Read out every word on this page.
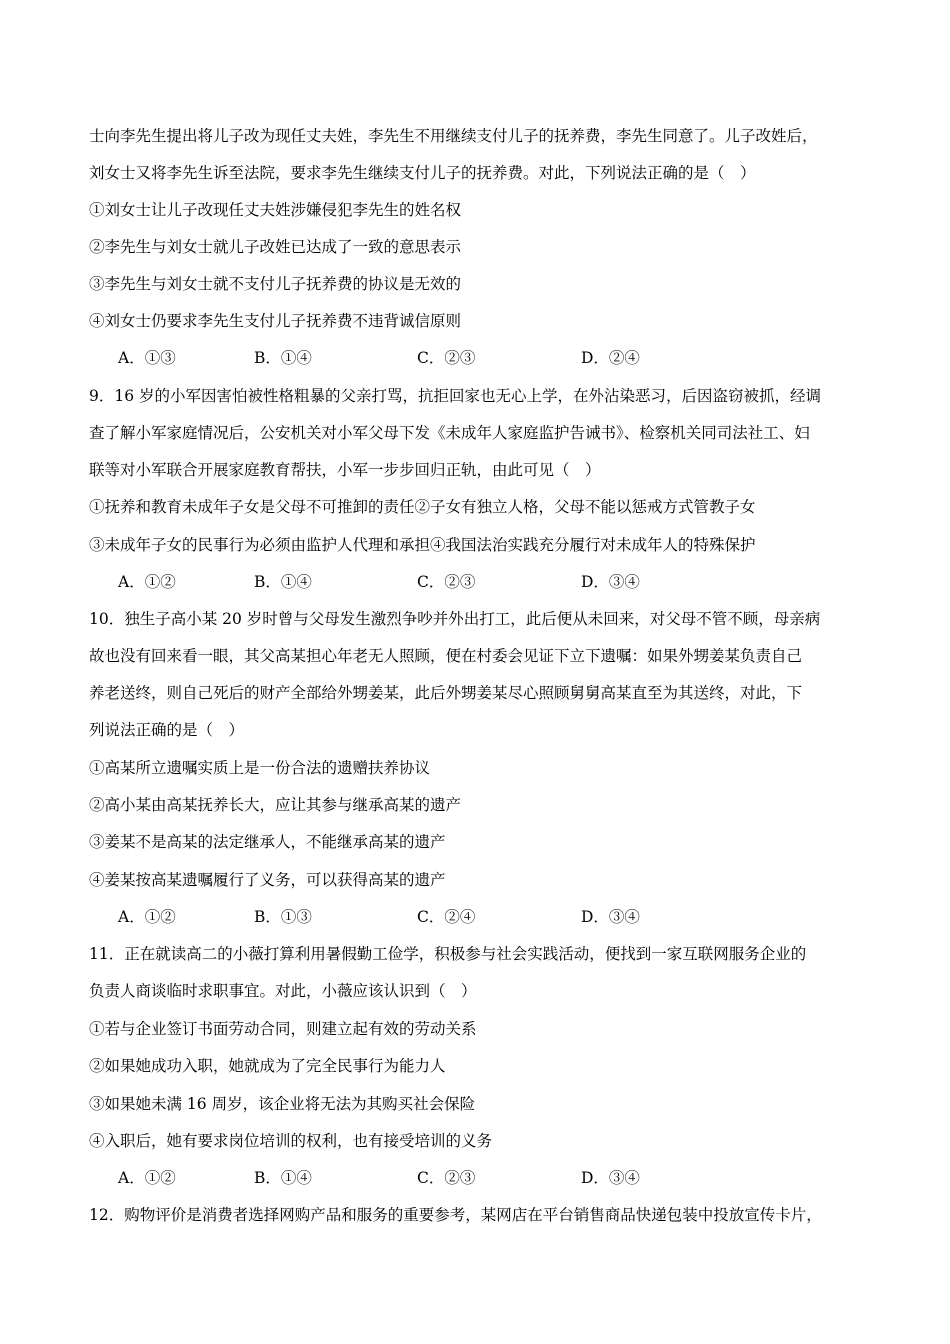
士向李先生提出将儿子改为现任丈夫姓，李先生不用继续支付儿子的抚养费，李先生同意了。儿子改姓后，
刘女士又将李先生诉至法院，要求李先生继续支付儿子的抚养费。对此，下列说法正确的是（　）
①刘女士让儿子改现任丈夫姓涉嫌侵犯李先生的姓名权
②李先生与刘女士就儿子改姓已达成了一致的意思表示
③李先生与刘女士就不支付儿子抚养费的协议是无效的
④刘女士仍要求李先生支付儿子抚养费不违背诚信原则
A．①③	B．①④	C．②③	D．②④
9．16 岁的小军因害怕被性格粗暴的父亲打骂，抗拒回家也无心上学，在外沾染恶习，后因盗窃被抓，经调
查了解小军家庭情况后，公安机关对小军父母下发《未成年人家庭监护告诫书》、检察机关同司法社工、妇
联等对小军联合开展家庭教育帮扶，小军一步步回归正轨，由此可见（　）
①抚养和教育未成年子女是父母不可推卸的责任②子女有独立人格，父母不能以惩戒方式管教子女
③未成年子女的民事行为必须由监护人代理和承担④我国法治实践充分履行对未成年人的特殊保护
A．①②	B．①④	C．②③	D．③④
10．独生子高小某 20 岁时曾与父母发生激烈争吵并外出打工，此后便从未回来，对父母不管不顾，母亲病
故也没有回来看一眼，其父高某担心年老无人照顾，便在村委会见证下立下遗嘱：如果外甥姜某负责自己
养老送终，则自己死后的财产全部给外甥姜某，此后外甥姜某尽心照顾舅舅高某直至为其送终，对此，下
列说法正确的是（　）
①高某所立遗嘱实质上是一份合法的遗赠扶养协议
②高小某由高某抚养长大，应让其参与继承高某的遗产
③姜某不是高某的法定继承人，不能继承高某的遗产
④姜某按高某遗嘱履行了义务，可以获得高某的遗产
A．①②	B．①③	C．②④	D．③④
11．正在就读高二的小薇打算利用暑假勤工俭学，积极参与社会实践活动，便找到一家互联网服务企业的
负责人商谈临时求职事宜。对此，小薇应该认识到（　）
①若与企业签订书面劳动合同，则建立起有效的劳动关系
②如果她成功入职，她就成为了完全民事行为能力人
③如果她未满 16 周岁，该企业将无法为其购买社会保险
④入职后，她有要求岗位培训的权利，也有接受培训的义务
A．①②	B．①④	C．②③	D．③④
12．购物评价是消费者选择网购产品和服务的重要参考，某网店在平台销售商品快递包装中投放宣传卡片，
